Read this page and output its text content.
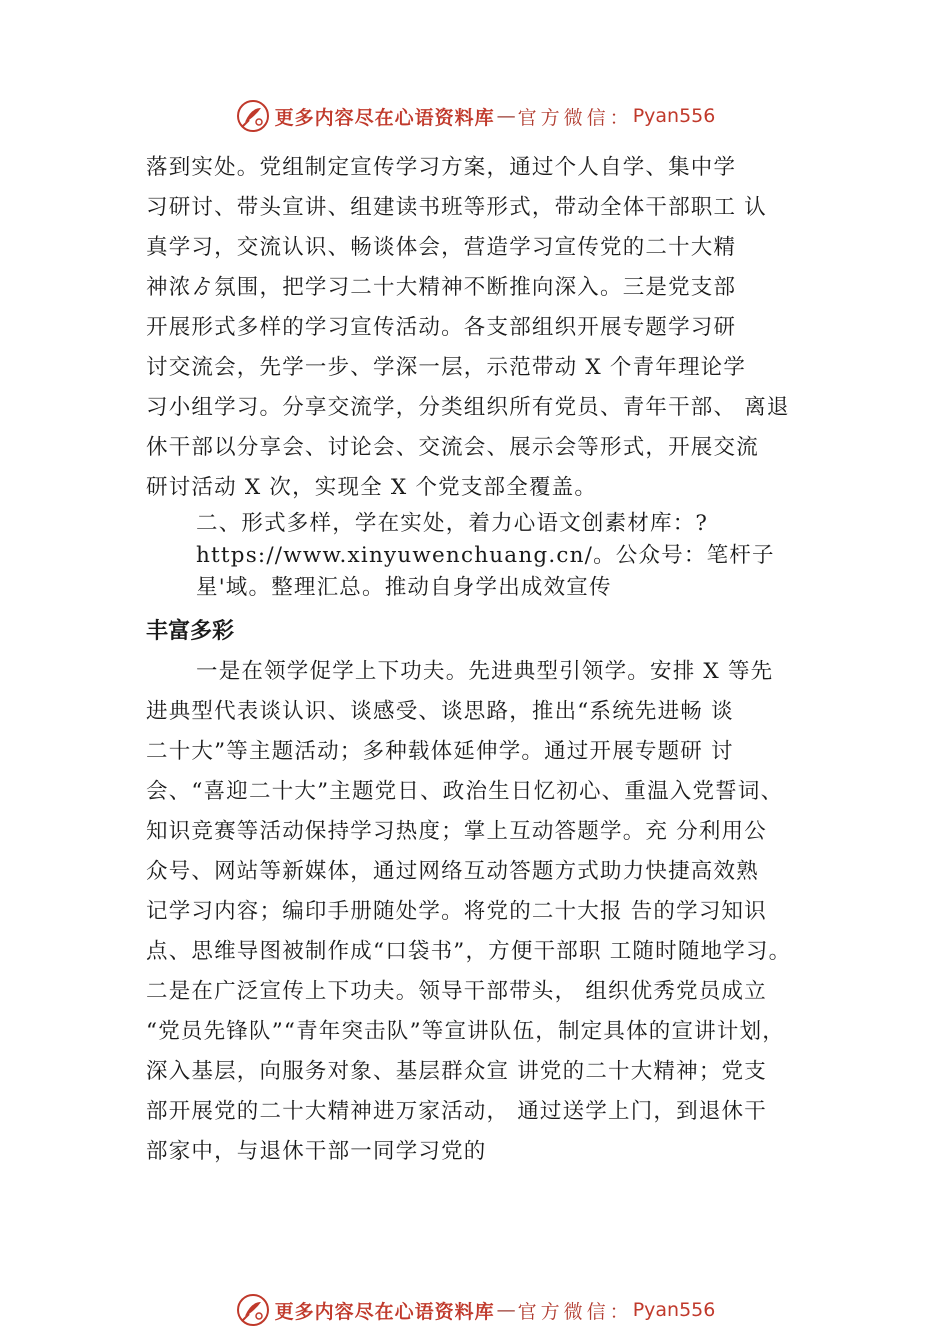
更多内容尽在心语资料库 — 官方微信： Pyan556
落到实处。党组制定宣传学习方案，通过个人自学、集中学
习研讨、带头宣讲、组建读书班等形式，带动全体干部职工 认
真学习，交流认识、畅谈体会，营造学习宣传党的二十大精
神浓ゟ氛围，把学习二十大精神不断推向深入。三是党支部
开展形式多样的学习宣传活动。各支部组织开展专题学习研
讨交流会，先学一步、学深一层，示范带动 X 个青年理论学
习小组学习。分享交流学，分类组织所有党员、青年干部、 离退
休干部以分享会、讨论会、交流会、展示会等形式，开展交流
研讨活动 X 次，实现全 X 个党支部全覆盖。
二、形式多样，学在实处，着力心语文创素材库：?
https://www.xinyuwenchuang.cn/。公众号：笔杆子
星'域。整理汇总。推动自身学出成效宣传
丰富多彩
一是在领学促学上下功夫。先进典型引领学。安排 X 等先
进典型代表谈认识、谈感受、谈思路，推出“系统先进畅 谈
二十大”等主题活动；多种载体延伸学。通过开展专题研 讨
会、“喜迎二十大”主题党日、政治生日忆初心、重温入党誓词、
知识竞赛等活动保持学习热度；掌上互动答题学。充 分利用公
众号、网站等新媒体，通过网络互动答题方式助力快捷高效熟
记学习内容；编印手册随处学。将党的二十大报 告的学习知识
点、思维导图被制作成“口袋书”，方便干部职 工随时随地学习。
二是在广泛宣传上下功夫。领导干部带头， 组织优秀党员成立
“党员先锋队”“青年突击队”等宣讲队伍，制定具体的宣讲计划，
深入基层，向服务对象、基层群众宣 讲党的二十大精神；党支
部开展党的二十大精神进万家活动， 通过送学上门，到退休干
部家中，与退休干部一同学习党的
更多内容尽在心语资料库 — 官方微信： Pyan556
